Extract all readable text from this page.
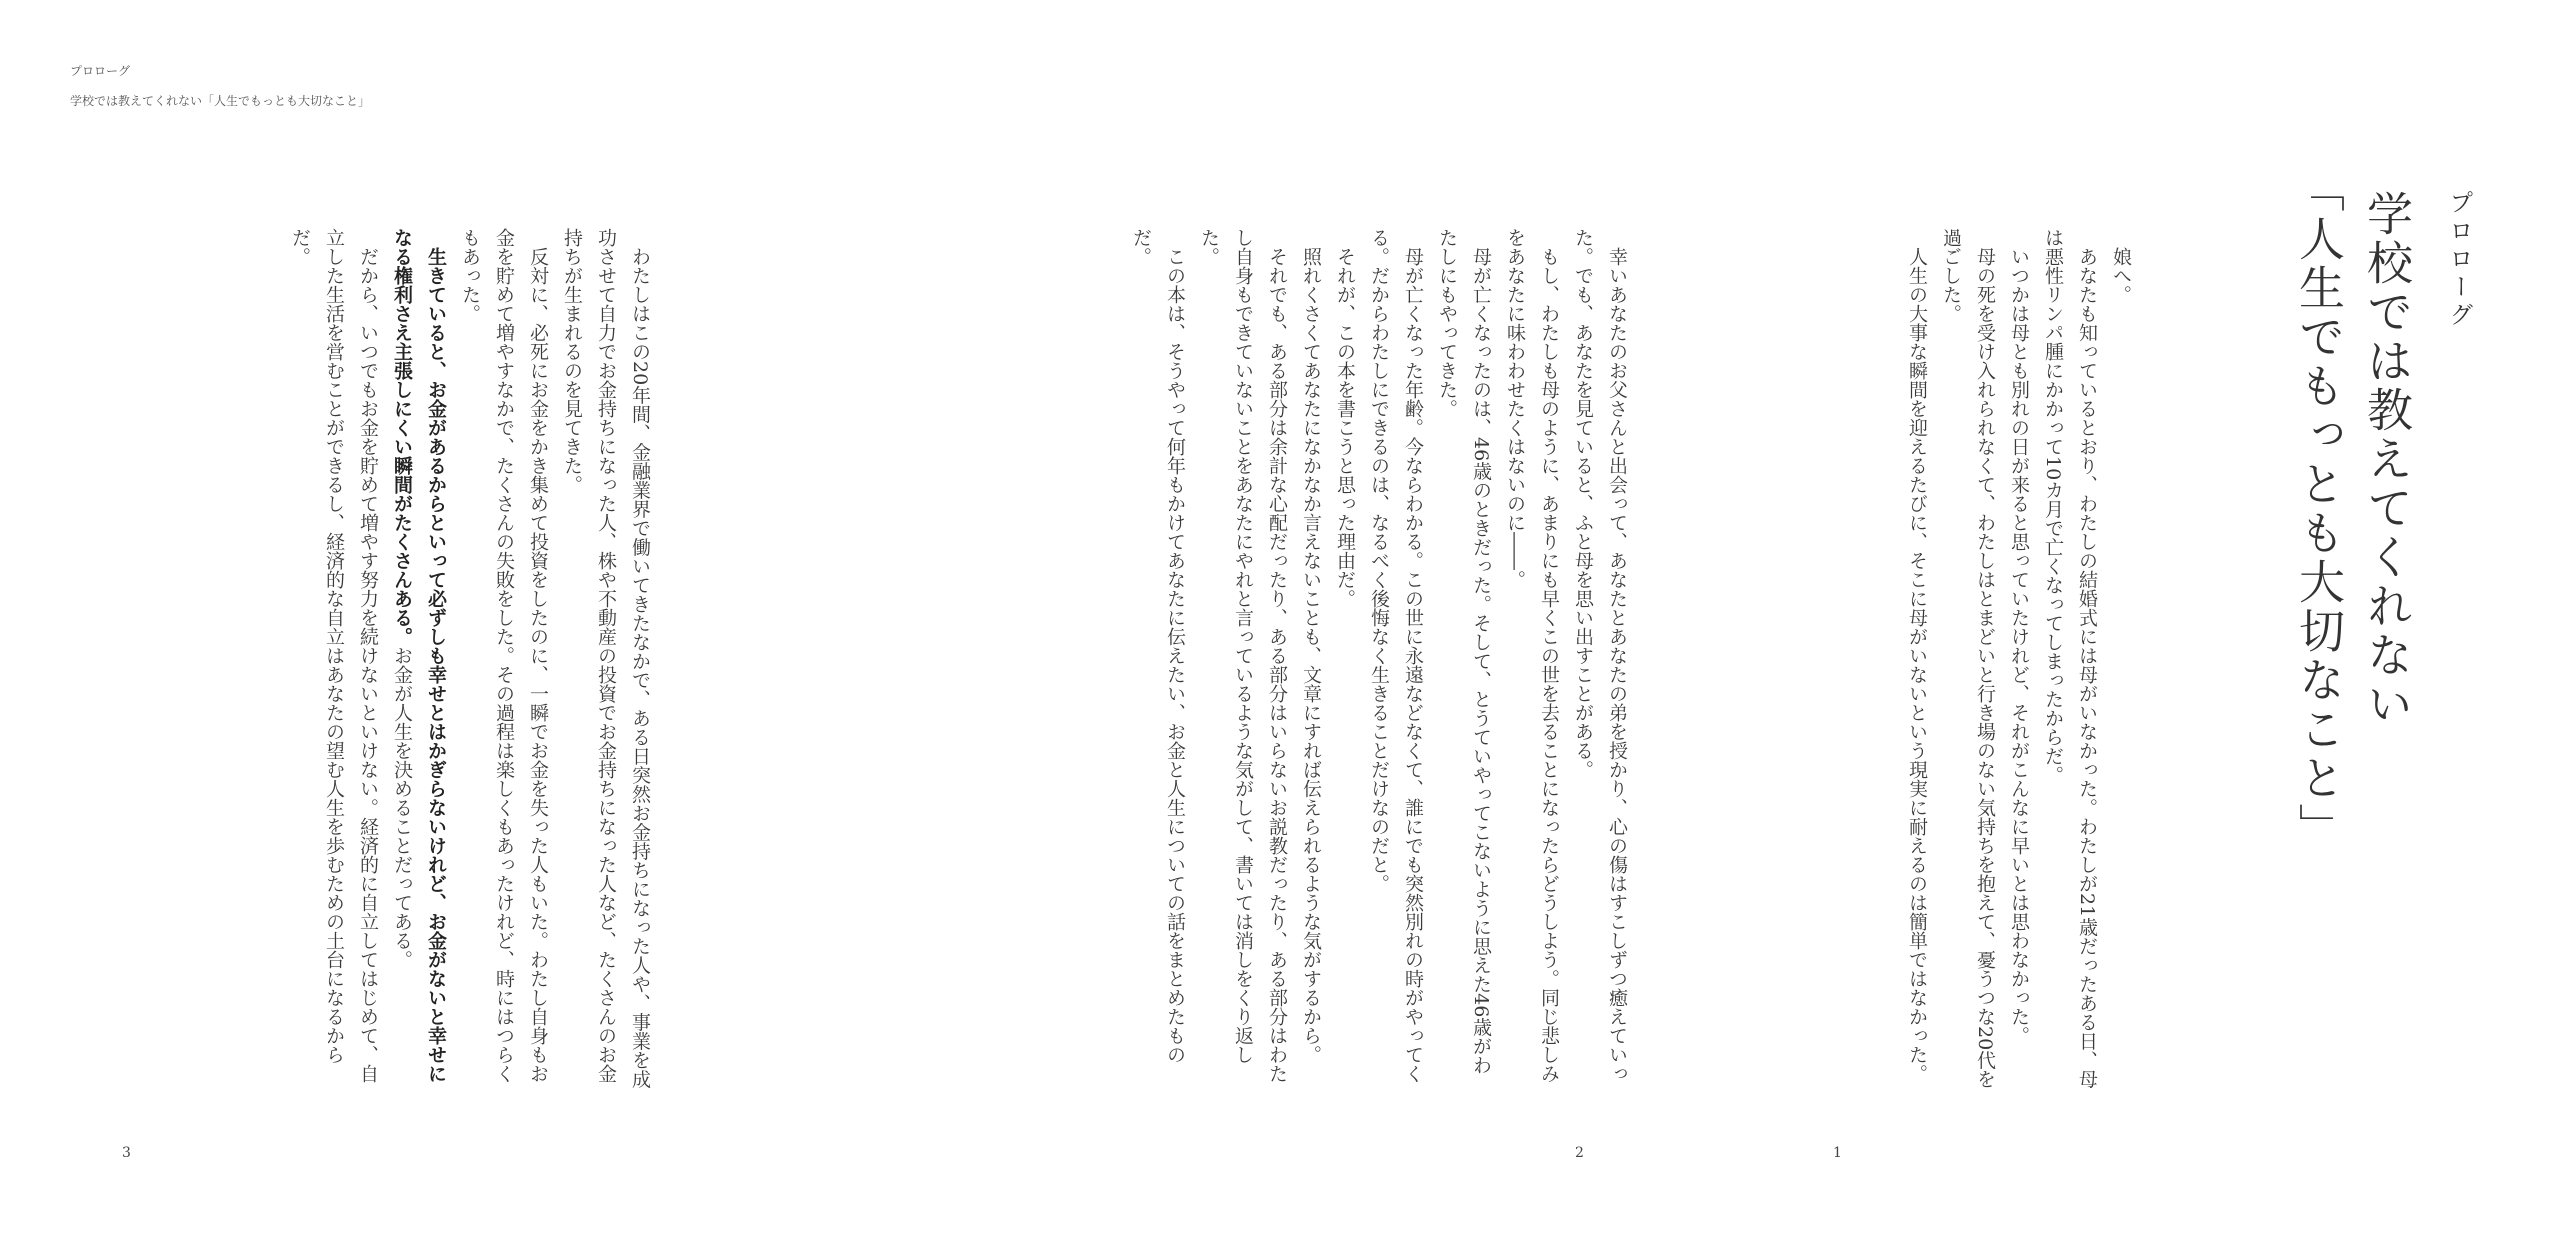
プロローグ
学校では教えてくれない「人生でもっとも大切なこと」
プロローグ
学校では教えてくれない
「人生でもっとも大切なこと」

娘へ。

あなたも知っているとおり、わたしの結婚式には母がいなかった。わたしが21歳だったある日、母は悪性リンパ腫にかかって10カ月で亡くなってしまったからだ。

いつかは母とも別れの日が来ると思っていたけれど、それがこんなに早いとは思わなかった。

母の死を受け入れられなくて、わたしはとまどいと行き場のない気持ちを抱えて、憂うつな20代を過ごした。

人生の大事な瞬間を迎えるたびに、そこに母がいないという現実に耐えるのは簡単ではなかった。

幸いあなたのお父さんと出会って、あなたとあなたの弟を授かり、心の傷はすこしずつ癒えていった。でも、あなたを見ていると、ふと母を思い出すことがある。

もし、わたしも母のように、あまりにも早くこの世を去ることになったらどうしよう。同じ悲しみをあなたに味わわせたくはないのに――。

母が亡くなったのは、46歳のときだった。そして、とうていやってこないように思えた46歳がわたしにもやってきた。

母が亡くなった年齢。今ならわかる。この世に永遠などなくて、誰にでも突然別れの時がやってくる。だからわたしにできるのは、なるべく後悔なく生きることだけなのだと。

それが、この本を書こうと思った理由だ。

照れくさくてあなたになかなか言えないことも、文章にすれば伝えられるような気がするから。

それでも、ある部分は余計な心配だったり、ある部分はいらないお説教だったり、ある部分はわたし自身もできていないことをあなたにやれと言っているような気がして、書いては消しをくり返した。

この本は、そうやって何年もかけてあなたに伝えたい、お金と人生についての話をまとめたものだ。

わたしはこの20年間、金融業界で働いてきたなかで、ある日突然お金持ちになった人や、事業を成功させて自力でお金持ちになった人、株や不動産の投資でお金持ちになった人など、たくさんのお金持ちが生まれるのを見てきた。

反対に、必死にお金をかき集めて投資をしたのに、一瞬でお金を失った人もいた。わたし自身もお金を貯めて増やすなかで、たくさんの失敗をした。その過程は楽しくもあったけれど、時にはつらくもあった。

生きていると、お金があるからといって必ずしも幸せとはかぎらないけれど、お金がないと幸せになる権利さえ主張しにくい瞬間がたくさんある。お金が人生を決めることだってある。

だから、いつでもお金を貯めて増やす努力を続けないといけない。経済的に自立してはじめて、自立した生活を営むことができるし、経済的な自立はあなたの望む人生を歩むための土台になるからだ。

3	2	1
